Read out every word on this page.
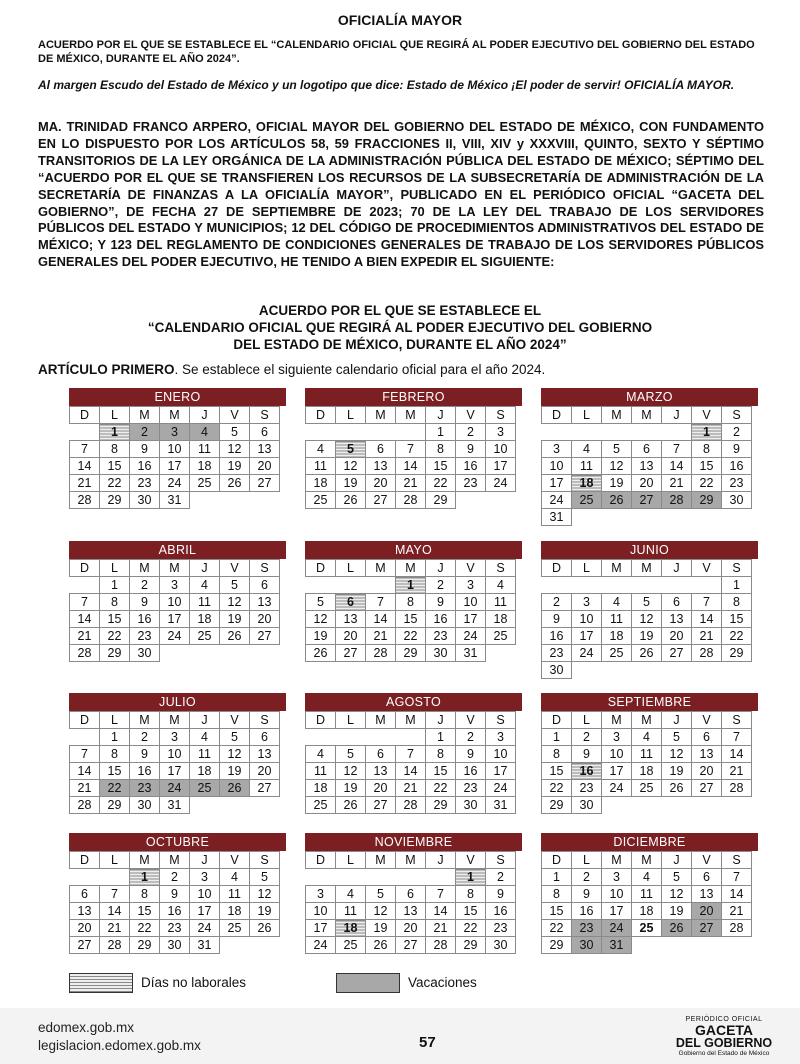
OFICIALÍA MAYOR
ACUERDO POR EL QUE SE ESTABLECE EL “CALENDARIO OFICIAL QUE REGIRÁ AL PODER EJECUTIVO DEL GOBIERNO DEL ESTADO DE MÉXICO, DURANTE EL AÑO 2024”.
Al margen Escudo del Estado de México y un logotipo que dice: Estado de México ¡El poder de servir! OFICIALÍA MAYOR.
MA. TRINIDAD FRANCO ARPERO, OFICIAL MAYOR DEL GOBIERNO DEL ESTADO DE MÉXICO, CON FUNDAMENTO EN LO DISPUESTO POR LOS ARTÍCULOS 58, 59 FRACCIONES II, VIII, XIV y XXXVIII, QUINTO, SEXTO Y SÉPTIMO TRANSITORIOS DE LA LEY ORGÁNICA DE LA ADMINISTRACIÓN PÚBLICA DEL ESTADO DE MÉXICO; SÉPTIMO DEL “ACUERDO POR EL QUE SE TRANSFIEREN LOS RECURSOS DE LA SUBSECRETARÍA DE ADMINISTRACIÓN DE LA SECRETARÍA DE FINANZAS A LA OFICIALÍA MAYOR”, PUBLICADO EN EL PERIÓDICO OFICIAL “GACETA DEL GOBIERNO”, DE FECHA 27 DE SEPTIEMBRE DE 2023; 70 DE LA LEY DEL TRABAJO DE LOS SERVIDORES PÚBLICOS DEL ESTADO Y MUNICIPIOS; 12 DEL CÓDIGO DE PROCEDIMIENTOS ADMINISTRATIVOS DEL ESTADO DE MÉXICO; Y 123 DEL REGLAMENTO DE CONDICIONES GENERALES DE TRABAJO DE LOS SERVIDORES PÚBLICOS GENERALES DEL PODER EJECUTIVO, HE TENIDO A BIEN EXPEDIR EL SIGUIENTE:
ACUERDO POR EL QUE SE ESTABLECE EL
“CALENDARIO OFICIAL QUE REGIRÁ AL PODER EJECUTIVO DEL GOBIERNO
DEL ESTADO DE MÉXICO, DURANTE EL AÑO 2024”
ARTÍCULO PRIMERO. Se establece el siguiente calendario oficial para el año 2024.
ENERO
D	L	M	M	J	V	S
	1	2	3	4	5	6
7	8	9	10	11	12	13
14	15	16	17	18	19	20
21	22	23	24	25	26	27
28	29	30	31			
FEBRERO
D	L	M	M	J	V	S
				1	2	3
4	5	6	7	8	9	10
11	12	13	14	15	16	17
18	19	20	21	22	23	24
25	26	27	28	29		
MARZO
D	L	M	M	J	V	S
					1	2
3	4	5	6	7	8	9
10	11	12	13	14	15	16
17	18	19	20	21	22	23
24	25	26	27	28	29	30
31						
ABRIL
D	L	M	M	J	V	S
	1	2	3	4	5	6
7	8	9	10	11	12	13
14	15	16	17	18	19	20
21	22	23	24	25	26	27
28	29	30				
MAYO
D	L	M	M	J	V	S
			1	2	3	4
5	6	7	8	9	10	11
12	13	14	15	16	17	18
19	20	21	22	23	24	25
26	27	28	29	30	31	
JUNIO
D	L	M	M	J	V	S
						1
2	3	4	5	6	7	8
9	10	11	12	13	14	15
16	17	18	19	20	21	22
23	24	25	26	27	28	29
30						
JULIO
D	L	M	M	J	V	S
	1	2	3	4	5	6
7	8	9	10	11	12	13
14	15	16	17	18	19	20
21	22	23	24	25	26	27
28	29	30	31			
AGOSTO
D	L	M	M	J	V	S
				1	2	3
4	5	6	7	8	9	10
11	12	13	14	15	16	17
18	19	20	21	22	23	24
25	26	27	28	29	30	31
SEPTIEMBRE
D	L	M	M	J	V	S
1	2	3	4	5	6	7
8	9	10	11	12	13	14
15	16	17	18	19	20	21
22	23	24	25	26	27	28
29	30					
OCTUBRE
D	L	M	M	J	V	S
		1	2	3	4	5
6	7	8	9	10	11	12
13	14	15	16	17	18	19
20	21	22	23	24	25	26
27	28	29	30	31		
NOVIEMBRE
D	L	M	M	J	V	S
					1	2
3	4	5	6	7	8	9
10	11	12	13	14	15	16
17	18	19	20	21	22	23
24	25	26	27	28	29	30
DICIEMBRE
D	L	M	M	J	V	S
1	2	3	4	5	6	7
8	9	10	11	12	13	14
15	16	17	18	19	20	21
22	23	24	25	26	27	28
29	30	31				
Días no laborales	Vacaciones
edomex.gob.mx
legislacion.edomex.gob.mx	57
PERIÓDICO OFICIAL
GACETA
DEL GOBIERNO
Gobierno del Estado de México
